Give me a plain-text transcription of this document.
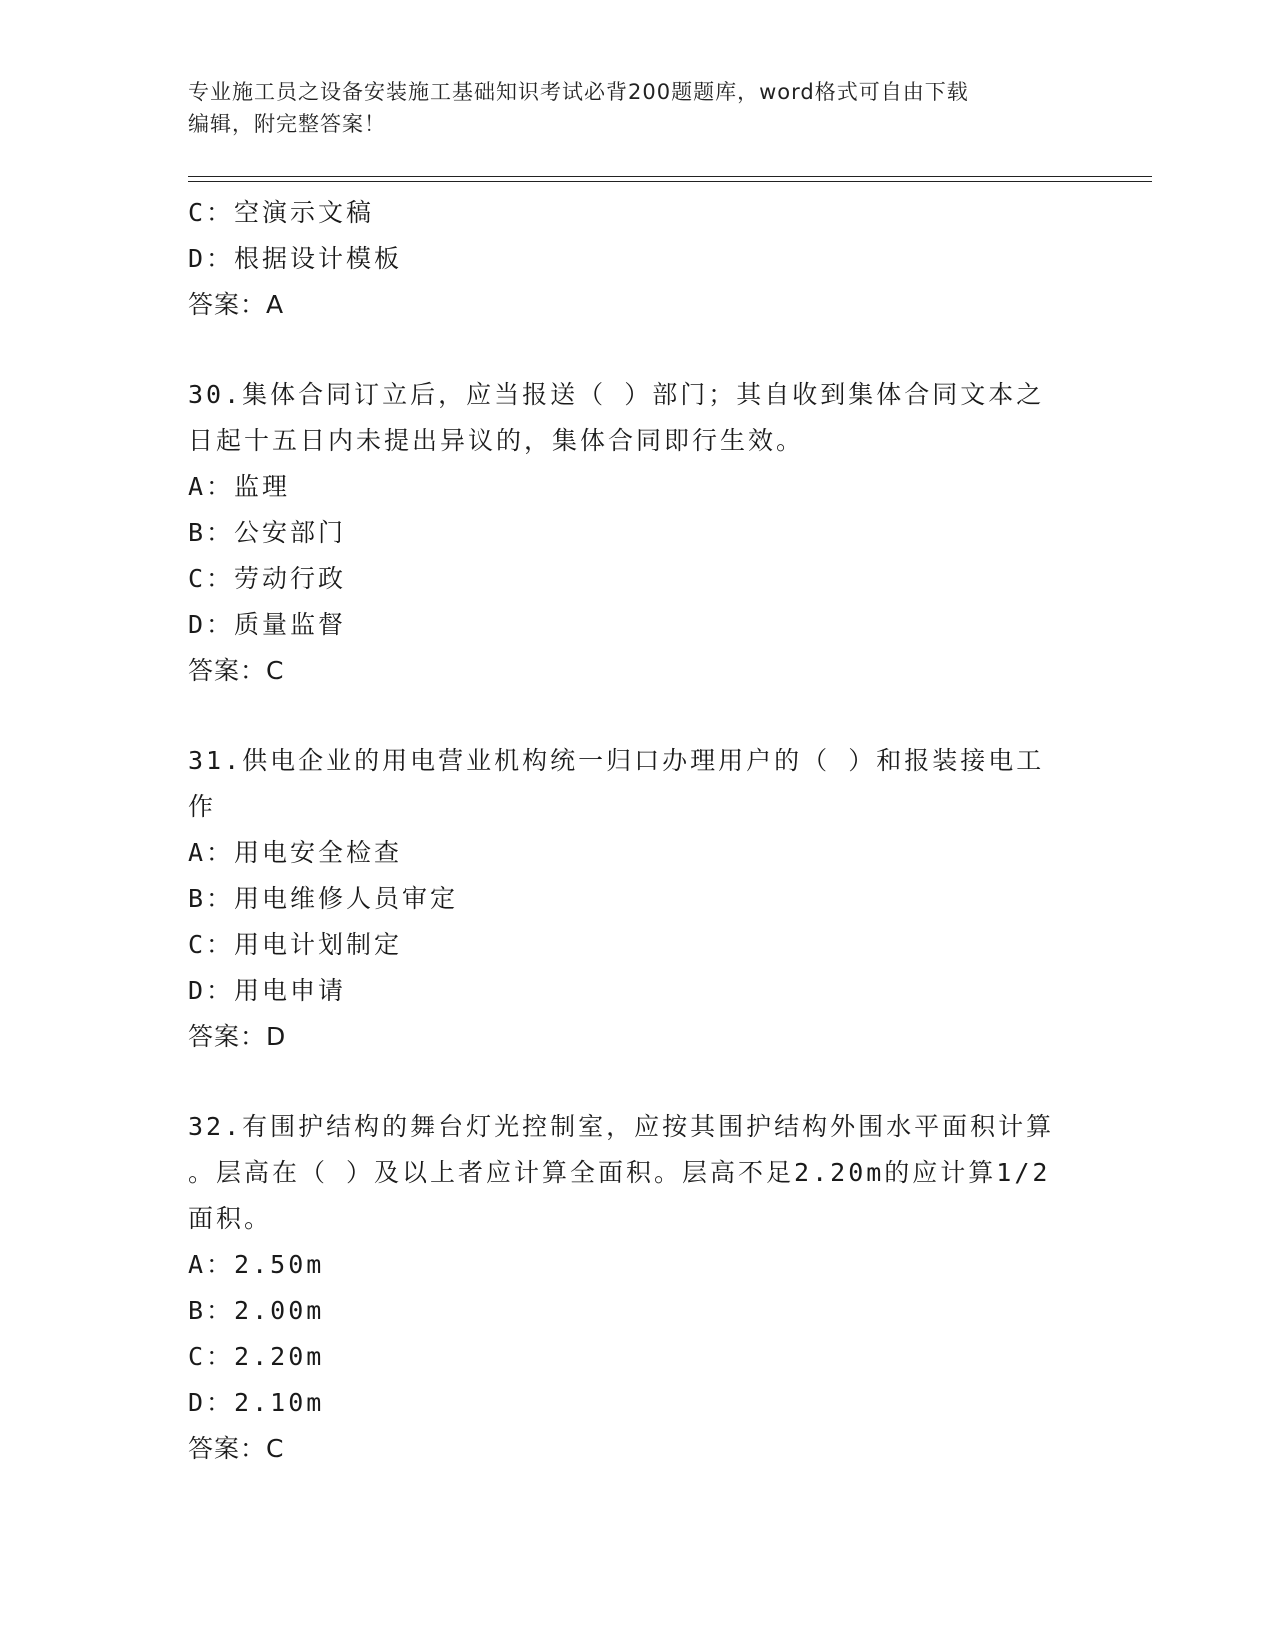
专业施工员之设备安装施工基础知识考试必背200题题库，word格式可自由下载
编辑，附完整答案！
C：空演示文稿
D：根据设计模板
答案：A
30.集体合同订立后，应当报送（ ）部门；其自收到集体合同文本之
日起十五日内未提出异议的，集体合同即行生效。
A：监理
B：公安部门
C：劳动行政
D：质量监督
答案：C
31.供电企业的用电营业机构统一归口办理用户的（ ）和报装接电工
作
A：用电安全检查
B：用电维修人员审定
C：用电计划制定
D：用电申请
答案：D
32.有围护结构的舞台灯光控制室，应按其围护结构外围水平面积计算
。层高在（ ）及以上者应计算全面积。层高不足2.20m的应计算1/2
面积。
A：2.50m
B：2.00m
C：2.20m
D：2.10m
答案：C
